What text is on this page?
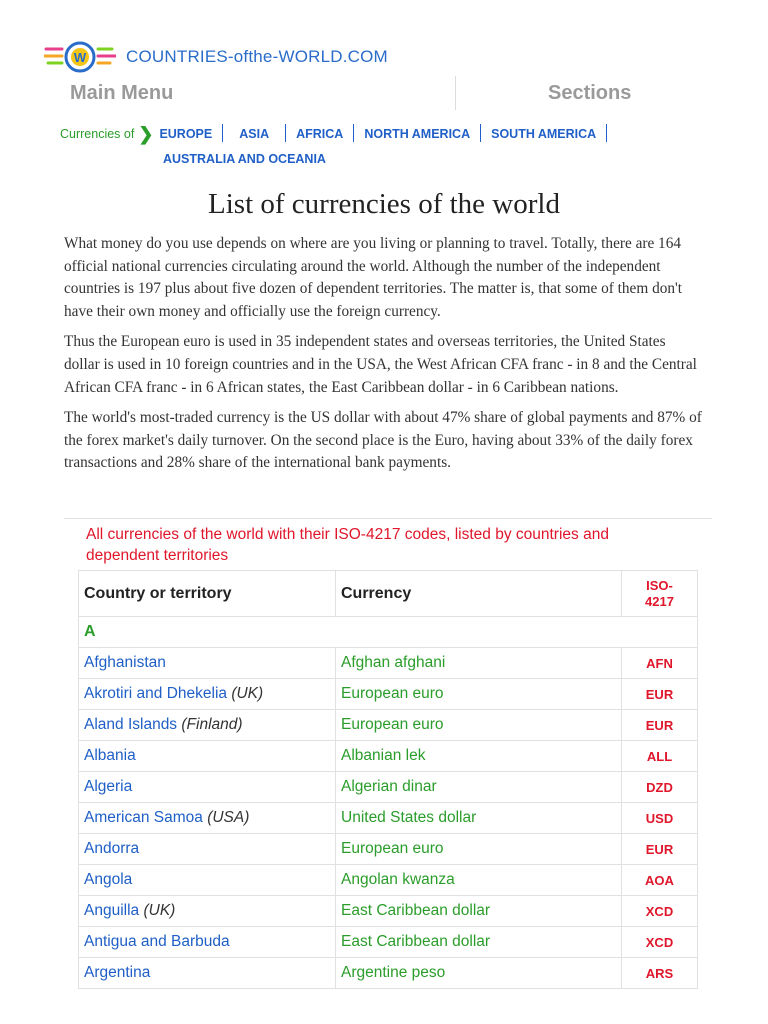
W COUNTRIES-ofthe-WORLD.COM
Main Menu	Sections
Currencies of ❯ EUROPE ASIA AFRICA NORTH AMERICA SOUTH AMERICA
AUSTRALIA AND OCEANIA
List of currencies of the world

What money do you use depends on where are you living or planning to travel. Totally, there are 164 official national currencies circulating around the world. Although the number of the independent countries is 197 plus about five dozen of dependent territories. The matter is, that some of them don't have their own money and officially use the foreign currency.

Thus the European euro is used in 35 independent states and overseas territories, the United States dollar is used in 10 foreign countries and in the USA, the West African CFA franc - in 8 and the Central African CFA franc - in 6 African states, the East Caribbean dollar - in 6 Caribbean nations.

The world's most-traded currency is the US dollar with about 47% share of global payments and 87% of the forex market's daily turnover. On the second place is the Euro, having about 33% of the daily forex transactions and 28% share of the international bank payments.

All currencies of the world with their ISO-4217 codes, listed by countries and dependent territories
Country or territory	Currency	ISO-
4217
A		
Afghanistan	Afghan afghani	AFN
Akrotiri and Dhekelia (UK)	European euro	EUR
Aland Islands (Finland)	European euro	EUR
Albania	Albanian lek	ALL
Algeria	Algerian dinar	DZD
American Samoa (USA)	United States dollar	USD
Andorra	European euro	EUR
Angola	Angolan kwanza	AOA
Anguilla (UK)	East Caribbean dollar	XCD
Antigua and Barbuda	East Caribbean dollar	XCD
Argentina	Argentine peso	ARS
